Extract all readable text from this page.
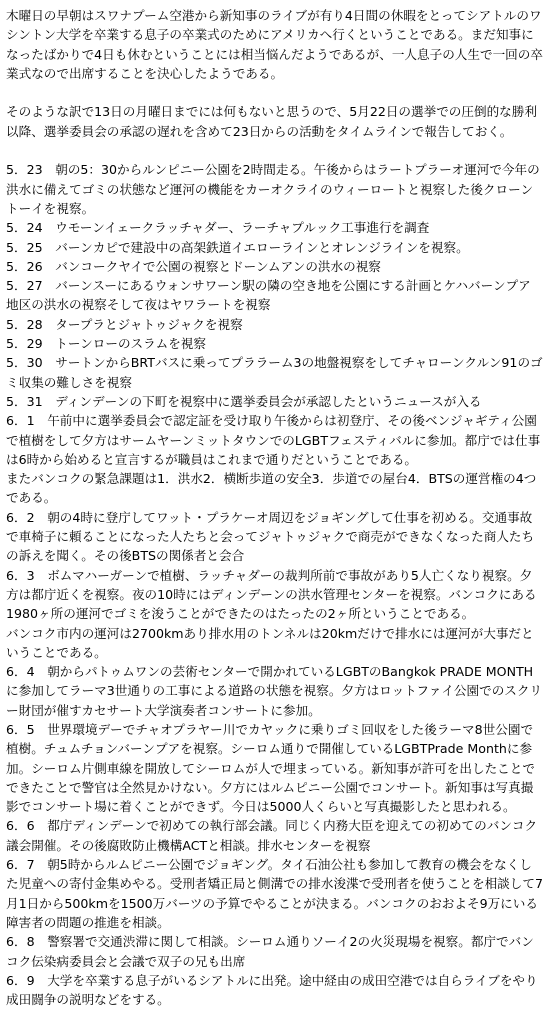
木曜日の早朝はスワナプーム空港から新知事のライブが有り4日間の休暇をとってシアトルのワシントン大学を卒業する息子の卒業式のためにアメリカへ行くということである。まだ知事になったばかりで4日も休むということには相当悩んだようであるが、一人息子の人生で一回の卒業式なので出席することを決心したようである。

そのような訳で13日の月曜日までには何もないと思うので、5月22日の選挙での圧倒的な勝利以降、選挙委員会の承認の遅れを含めて23日からの活動をタイムラインで報告しておく。

5．23　朝の5：30からルンピニー公園を2時間走る。午後からはラートプラーオ運河で今年の洪水に備えてゴミの状態など運河の機能をカーオクライのウィーロートと視察した後クローントーイを視察。

5．24　ウモーンイェークラッチャダー、ラーチャプルック工事進行を調査

5．25　バーンカピで建設中の高架鉄道イエローラインとオレンジラインを視察。

5．26　バンコークヤイで公園の視察とドーンムアンの洪水の視察

5．27　バーンスーにあるウォンサワーン駅の隣の空き地を公園にする計画とケハバーンプア地区の洪水の視察そして夜はヤワラートを視察

5．28　タープラとジャトゥジャクを視察

5．29　トーンローのスラムを視察

5．30　サートンからBRTバスに乗ってプララーム3の地盤視察をしてチャローンクルン91のゴミ収集の難しさを視察

5．31　ディンデーンの下町を視察中に選挙委員会が承認したというニュースが入る

6．1　午前中に選挙委員会で認定証を受け取り午後からは初登庁、その後ベンジャギティ公園で植樹をして夕方はサームヤーンミットタウンでのLGBTフェスティバルに参加。都庁では仕事は6時から始めると宣言するが職員はこれまで通りだということである。

またバンコクの緊急課題は1．洪水2．横断歩道の安全3．歩道での屋台4．BTSの運営権の4つである。

6．2　朝の4時に登庁してワット・プラケーオ周辺をジョギングして仕事を初める。交通事故で車椅子に頼ることになった人たちと会ってジャトゥジャクで商売ができなくなった商人たちの訴えを聞く。その後BTSの関係者と会合

6．3　ボムマハーガーンで植樹、ラッチャダーの裁判所前で事故があり5人亡くなり視察。夕方は都庁近くを視察。夜の10時にはディンデーンの洪水管理センターを視察。バンコクにある1980ヶ所の運河でゴミを浚うことができたのはたったの2ヶ所ということである。

バンコク市内の運河は2700kmあり排水用のトンネルは20kmだけで排水には運河が大事だということである。

6．4　朝からパトゥムワンの芸術センターで開かれているLGBTのBangkok PRADE MONTHに参加してラーマ3世通りの工事による道路の状態を視察。夕方はロットファイ公園でのスクリー財団が催すカセサート大学演奏者コンサートに参加。

6．5　世界環境デーでチャオプラヤー川でカヤックに乗りゴミ回収をした後ラーマ8世公園で植樹。チュムチョンバーンプアを視察。シーロム通りで開催しているLGBTPrade Monthに参加。シーロム片側車線を開放してシーロムが人で埋まっている。新知事が許可を出したことでできたことで警官は全然見かけない。夕方にはルムピニー公園でコンサート。新知事は写真撮影でコンサート場に着くことができず。今日は5000人くらいと写真撮影したと思われる。

6．6　都庁ディンデーンで初めての執行部会議。同じく内務大臣を迎えての初めてのバンコク議会開催。その後腐敗防止機構ACTと相談。排水センターを視察

6．7　朝5時からルムピニー公園でジョギング。タイ石油公社も参加して教育の機会をなくした児童への寄付金集めやる。受刑者矯正局と側溝での排水浚渫で受刑者を使うことを相談して7月1日から500kmを1500万バーツの予算でやることが決まる。バンコクのおおよそ9万にいる障害者の問題の推進を相談。

6．8　警察署で交通渋滞に関して相談。シーロム通りソーイ2の火災現場を視察。都庁でバンコク伝染病委員会と会議で双子の兄も出席

6．9　大学を卒業する息子がいるシアトルに出発。途中経由の成田空港では自らライブをやり成田闘争の説明などをする。
